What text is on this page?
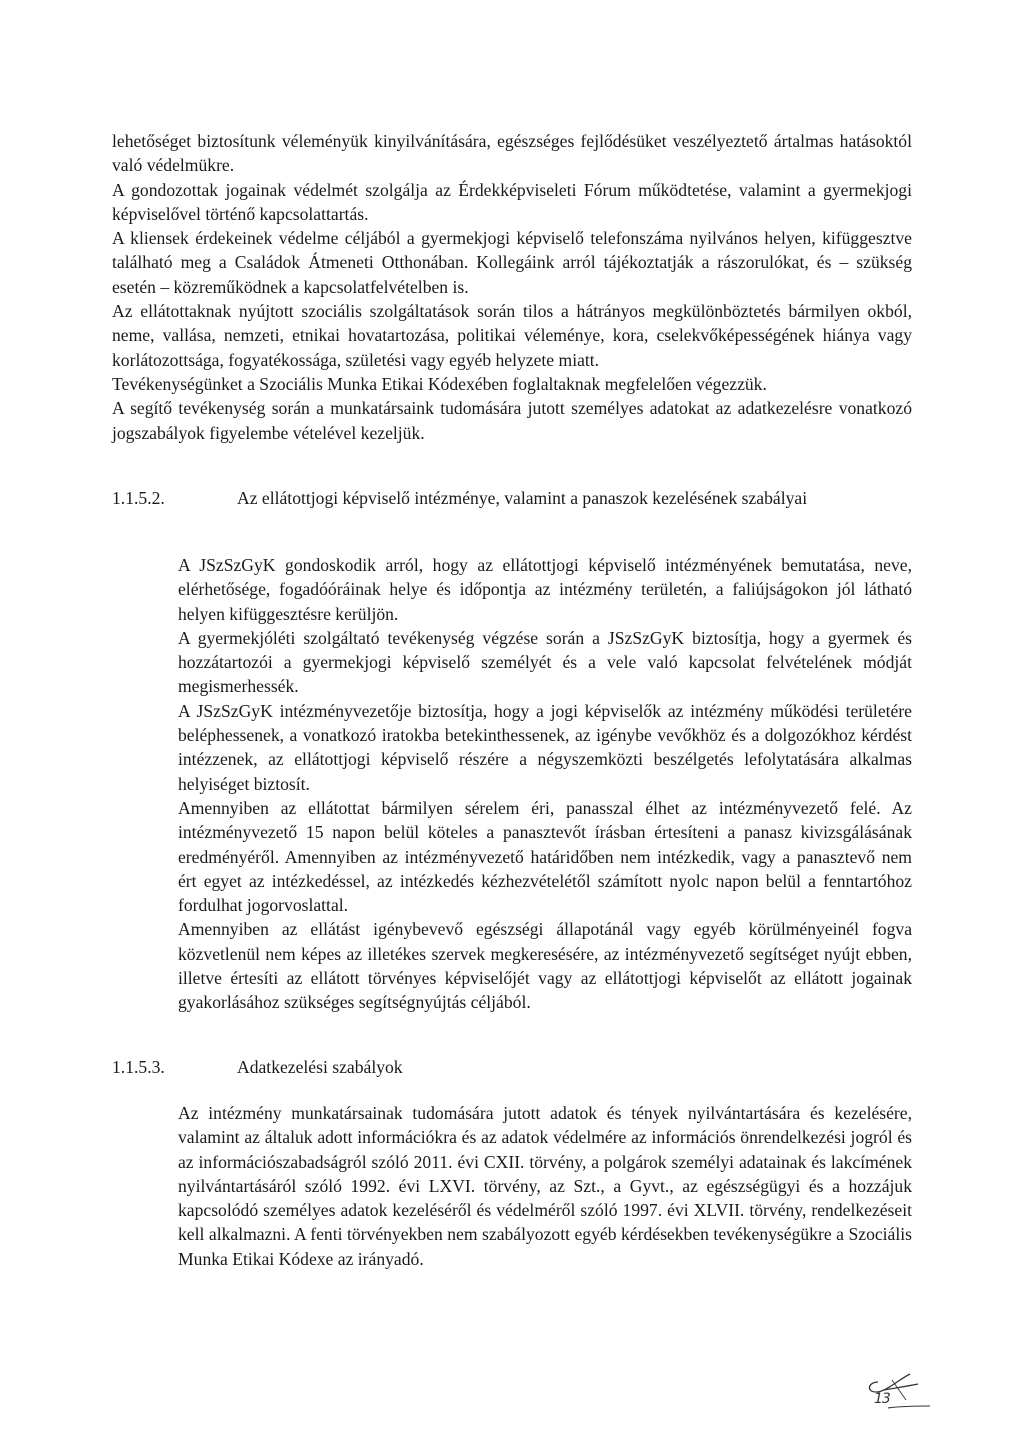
lehetőséget biztosítunk véleményük kinyilvánítására, egészséges fejlődésüket veszélyeztető ártalmas hatásoktól való védelmükre.

A gondozottak jogainak védelmét szolgálja az Érdekképviseleti Fórum működtetése, valamint a gyermekjogi képviselővel történő kapcsolattartás.

A kliensek érdekeinek védelme céljából a gyermekjogi képviselő telefonszáma nyilvános helyen, kifüggesztve található meg a Családok Átmeneti Otthonában. Kollegáink arról tájékoztatják a rászorulókat, és – szükség esetén – közreműködnek a kapcsolatfelvételben is.

Az ellátottaknak nyújtott szociális szolgáltatások során tilos a hátrányos megkülönböztetés bármilyen okból, neme, vallása, nemzeti, etnikai hovatartozása, politikai véleménye, kora, cselekvőképességének hiánya vagy korlátozottsága, fogyatékossága, születési vagy egyéb helyzete miatt.

Tevékenységünket a Szociális Munka Etikai Kódexében foglaltaknak megfelelően végezzük.

A segítő tevékenység során a munkatársaink tudomására jutott személyes adatokat az adatkezelésre vonatkozó jogszabályok figyelembe vételével kezeljük.

1.1.5.2.	Az ellátottjogi képviselő intézménye, valamint a panaszok kezelésének szabályai

A JSzSzGyK gondoskodik arról, hogy az ellátottjogi képviselő intézményének bemutatása, neve, elérhetősége, fogadóóráinak helye és időpontja az intézmény területén, a faliújságokon jól látható helyen kifüggesztésre kerüljön.

A gyermekjóléti szolgáltató tevékenység végzése során a JSzSzGyK biztosítja, hogy a gyermek és hozzátartozói a gyermekjogi képviselő személyét és a vele való kapcsolat felvételének módját megismerhessék.

A JSzSzGyK intézményvezetője biztosítja, hogy a jogi képviselők az intézmény működési területére beléphessenek, a vonatkozó iratokba betekinthessenek, az igénybe vevőkhöz és a dolgozókhoz kérdést intézzenek, az ellátottjogi képviselő részére a négyszemközti beszélgetés lefolytatására alkalmas helyiséget biztosít.

Amennyiben az ellátottat bármilyen sérelem éri, panasszal élhet az intézményvezető felé. Az intézményvezető 15 napon belül köteles a panasztevőt írásban értesíteni a panasz kivizsgálásának eredményéről. Amennyiben az intézményvezető határidőben nem intézkedik, vagy a panasztevő nem ért egyet az intézkedéssel, az intézkedés kézhezvételétől számított nyolc napon belül a fenntartóhoz fordulhat jogorvoslattal.

Amennyiben az ellátást igénybevevő egészségi állapotánál vagy egyéb körülményeinél fogva közvetlenül nem képes az illetékes szervek megkeresésére, az intézményvezető segítséget nyújt ebben, illetve értesíti az ellátott törvényes képviselőjét vagy az ellátottjogi képviselőt az ellátott jogainak gyakorlásához szükséges segítségnyújtás céljából.

1.1.5.3.	Adatkezelési szabályok

Az intézmény munkatársainak tudomására jutott adatok és tények nyilvántartására és kezelésére, valamint az általuk adott információkra és az adatok védelmére az információs önrendelkezési jogról és az információszabadságról szóló 2011. évi CXII. törvény, a polgárok személyi adatainak és lakcímének nyilvántartásáról szóló 1992. évi LXVI. törvény, az Szt., a Gyvt., az egészségügyi és a hozzájuk kapcsolódó személyes adatok kezeléséről és védelméről szóló 1997. évi XLVII. törvény, rendelkezéseit kell alkalmazni. A fenti törvényekben nem szabályozott egyéb kérdésekben tevékenységükre a Szociális Munka Etikai Kódexe az irányadó.

13
